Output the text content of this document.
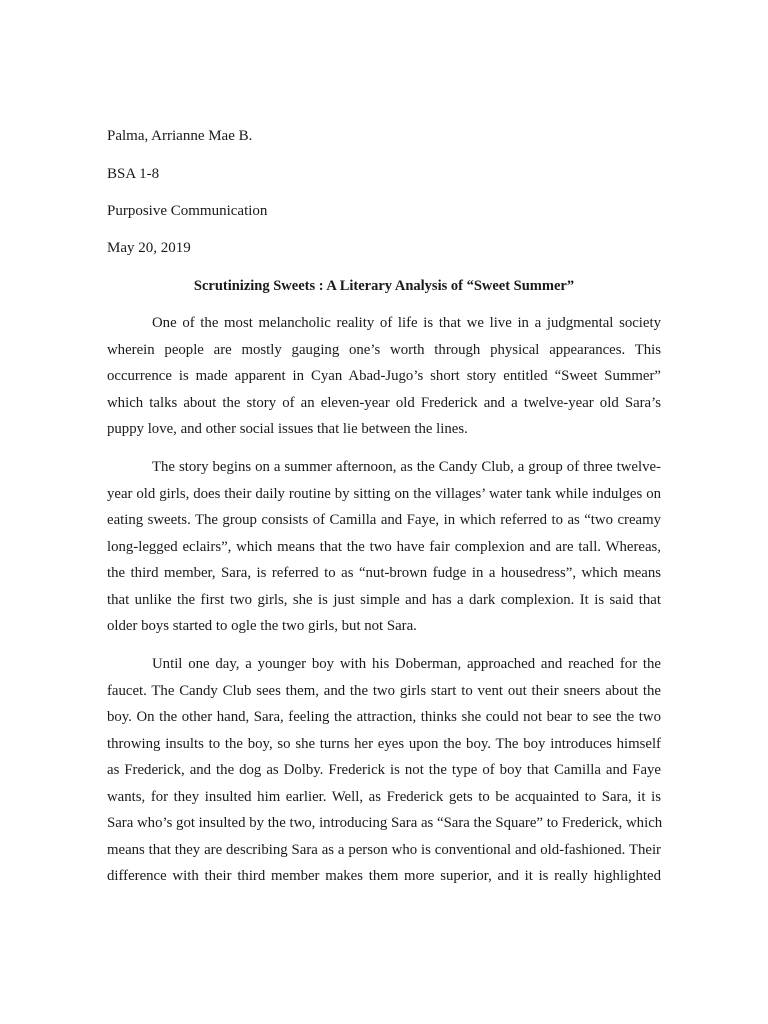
Palma, Arrianne Mae B.
BSA 1-8
Purposive Communication
May 20, 2019
Scrutinizing Sweets : A Literary Analysis of “Sweet Summer”
One of the most melancholic reality of life is that we live in a judgmental society
wherein people are mostly gauging one’s worth through physical appearances. This
occurrence is made apparent in Cyan Abad-Jugo’s short story entitled “Sweet Summer”
which talks about the story of an eleven-year old Frederick and a twelve-year old Sara’s
puppy love, and other social issues that lie between the lines.
The story begins on a summer afternoon, as the Candy Club, a group of three twelve-
year old girls, does their daily routine by sitting on the villages’ water tank while indulges on
eating sweets. The group consists of Camilla and Faye, in which referred to as “two creamy
long-legged eclairs”, which means that the two have fair complexion and are tall. Whereas,
the third member, Sara, is referred to as “nut-brown fudge in a housedress”, which means
that unlike the first two girls, she is just simple and has a dark complexion. It is said that
older boys started to ogle the two girls, but not Sara.
Until one day, a younger boy with his Doberman, approached and reached for the
faucet. The Candy Club sees them, and the two girls start to vent out their sneers about the
boy. On the other hand, Sara, feeling the attraction, thinks she could not bear to see the two
throwing insults to the boy, so she turns her eyes upon the boy. The boy introduces himself
as Frederick, and the dog as Dolby. Frederick is not the type of boy that Camilla and Faye
wants, for they insulted him earlier. Well, as Frederick gets to be acquainted to Sara, it is
Sara who’s got insulted by the two, introducing Sara as “Sara the Square” to Frederick, which
means that they are describing Sara as a person who is conventional and old-fashioned. Their
difference with their third member makes them more superior, and it is really highlighted
